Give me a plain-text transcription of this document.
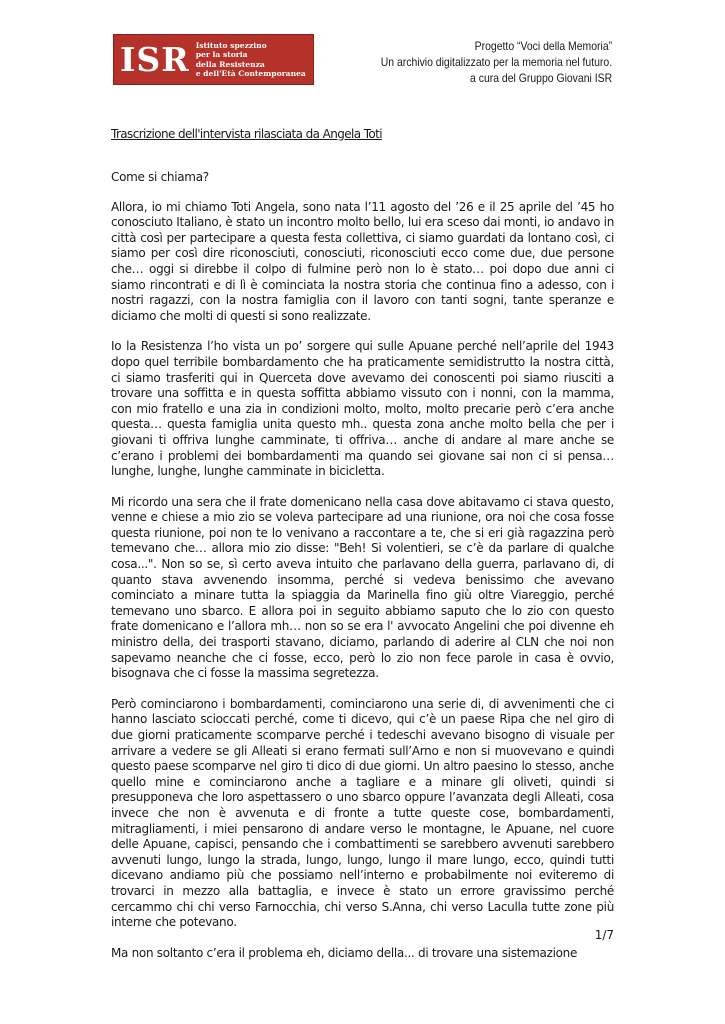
ISR Istituto spezzino
per la storia
della Resistenza
e dell'Età Contemporanea
Progetto “Voci della Memoria”
Un archivio digitalizzato per la memoria nel futuro.
a cura del Gruppo Giovani ISR
Trascrizione dell'intervista rilasciata da Angela Toti

Come si chiama?

Allora, io mi chiamo Toti Angela, sono nata l’11 agosto del ’26 e il 25 aprile del ’45 ho conosciuto Italiano, è stato un incontro molto bello, lui era sceso dai monti, io andavo in città così per partecipare a questa festa collettiva, ci siamo guardati da lontano così, ci siamo per così dire riconosciuti, conosciuti, riconosciuti ecco come due, due persone che… oggi si direbbe il colpo di fulmine però non lo è stato… poi dopo due anni ci siamo rincontrati e di lì è cominciata la nostra storia che continua fino a adesso, con i nostri ragazzi, con la nostra famiglia con il lavoro con tanti sogni, tante speranze e diciamo che molti di questi si sono realizzate.

Io la Resistenza l’ho vista un po’ sorgere qui sulle Apuane perché nell’aprile del 1943 dopo quel terribile bombardamento che ha praticamente semidistrutto la nostra città, ci siamo trasferiti qui in Querceta dove avevamo dei conoscenti poi siamo riusciti a trovare una soffitta e in questa soffitta abbiamo vissuto con i nonni, con la mamma, con mio fratello e una zia in condizioni molto, molto, molto precarie però c’era anche questa… questa famiglia unita questo mh.. questa zona anche molto bella che per i giovani ti offriva lunghe camminate, ti offriva… anche di andare al mare anche se c’erano i problemi dei bombardamenti ma quando sei giovane sai non ci si pensa… lunghe, lunghe, lunghe camminate in bicicletta.

Mi ricordo una sera che il frate domenicano nella casa dove abitavamo ci stava questo, venne e chiese a mio zio se voleva partecipare ad una riunione, ora noi che cosa fosse questa riunione, poi non te lo venivano a raccontare a te, che si eri già ragazzina però temevano che… allora mio zio disse: "Beh! Si volentieri, se c’è da parlare di qualche cosa...". Non so se, sì certo aveva intuito che parlavano della guerra, parlavano di, di quanto stava avvenendo insomma, perché si vedeva benissimo che avevano cominciato a minare tutta la spiaggia da Marinella fino giù oltre Viareggio, perché temevano uno sbarco. E allora poi in seguito abbiamo saputo che lo zio con questo frate domenicano e l’allora mh… non so se era l' avvocato Angelini che poi divenne eh ministro della, dei trasporti stavano, diciamo, parlando di aderire al CLN che noi non sapevamo neanche che ci fosse, ecco, però lo zio non fece parole in casa è ovvio, bisognava che ci fosse la massima segretezza.

Però cominciarono i bombardamenti, cominciarono una serie di, di avvenimenti che ci hanno lasciato scioccati perché, come ti dicevo, qui c’è un paese Ripa che nel giro di due giorni praticamente scomparve perché i tedeschi avevano bisogno di visuale per arrivare a vedere se gli Alleati si erano fermati sull’Arno e non si muovevano e quindi questo paese scomparve nel giro ti dico di due giorni. Un altro paesino lo stesso, anche quello mine e cominciarono anche a tagliare e a minare gli oliveti, quindi si presupponeva che loro aspettassero o uno sbarco oppure l’avanzata degli Alleati, cosa invece che non è avvenuta e di fronte a tutte queste cose, bombardamenti, mitragliamenti, i miei pensarono di andare verso le montagne, le Apuane, nel cuore delle Apuane, capisci, pensando che i combattimenti se sarebbero avvenuti sarebbero avvenuti lungo, lungo la strada, lungo, lungo, lungo il mare lungo, ecco, quindi tutti dicevano andiamo più che possiamo nell’interno e probabilmente noi eviteremo di trovarci in mezzo alla battaglia, e invece è stato un errore gravissimo perché cercammo chi chi verso Farnocchia, chi verso S.Anna, chi verso Laculla tutte zone più interne che potevano.

Ma non soltanto c’era il problema eh, diciamo della... di trovare una sistemazione

1/7
